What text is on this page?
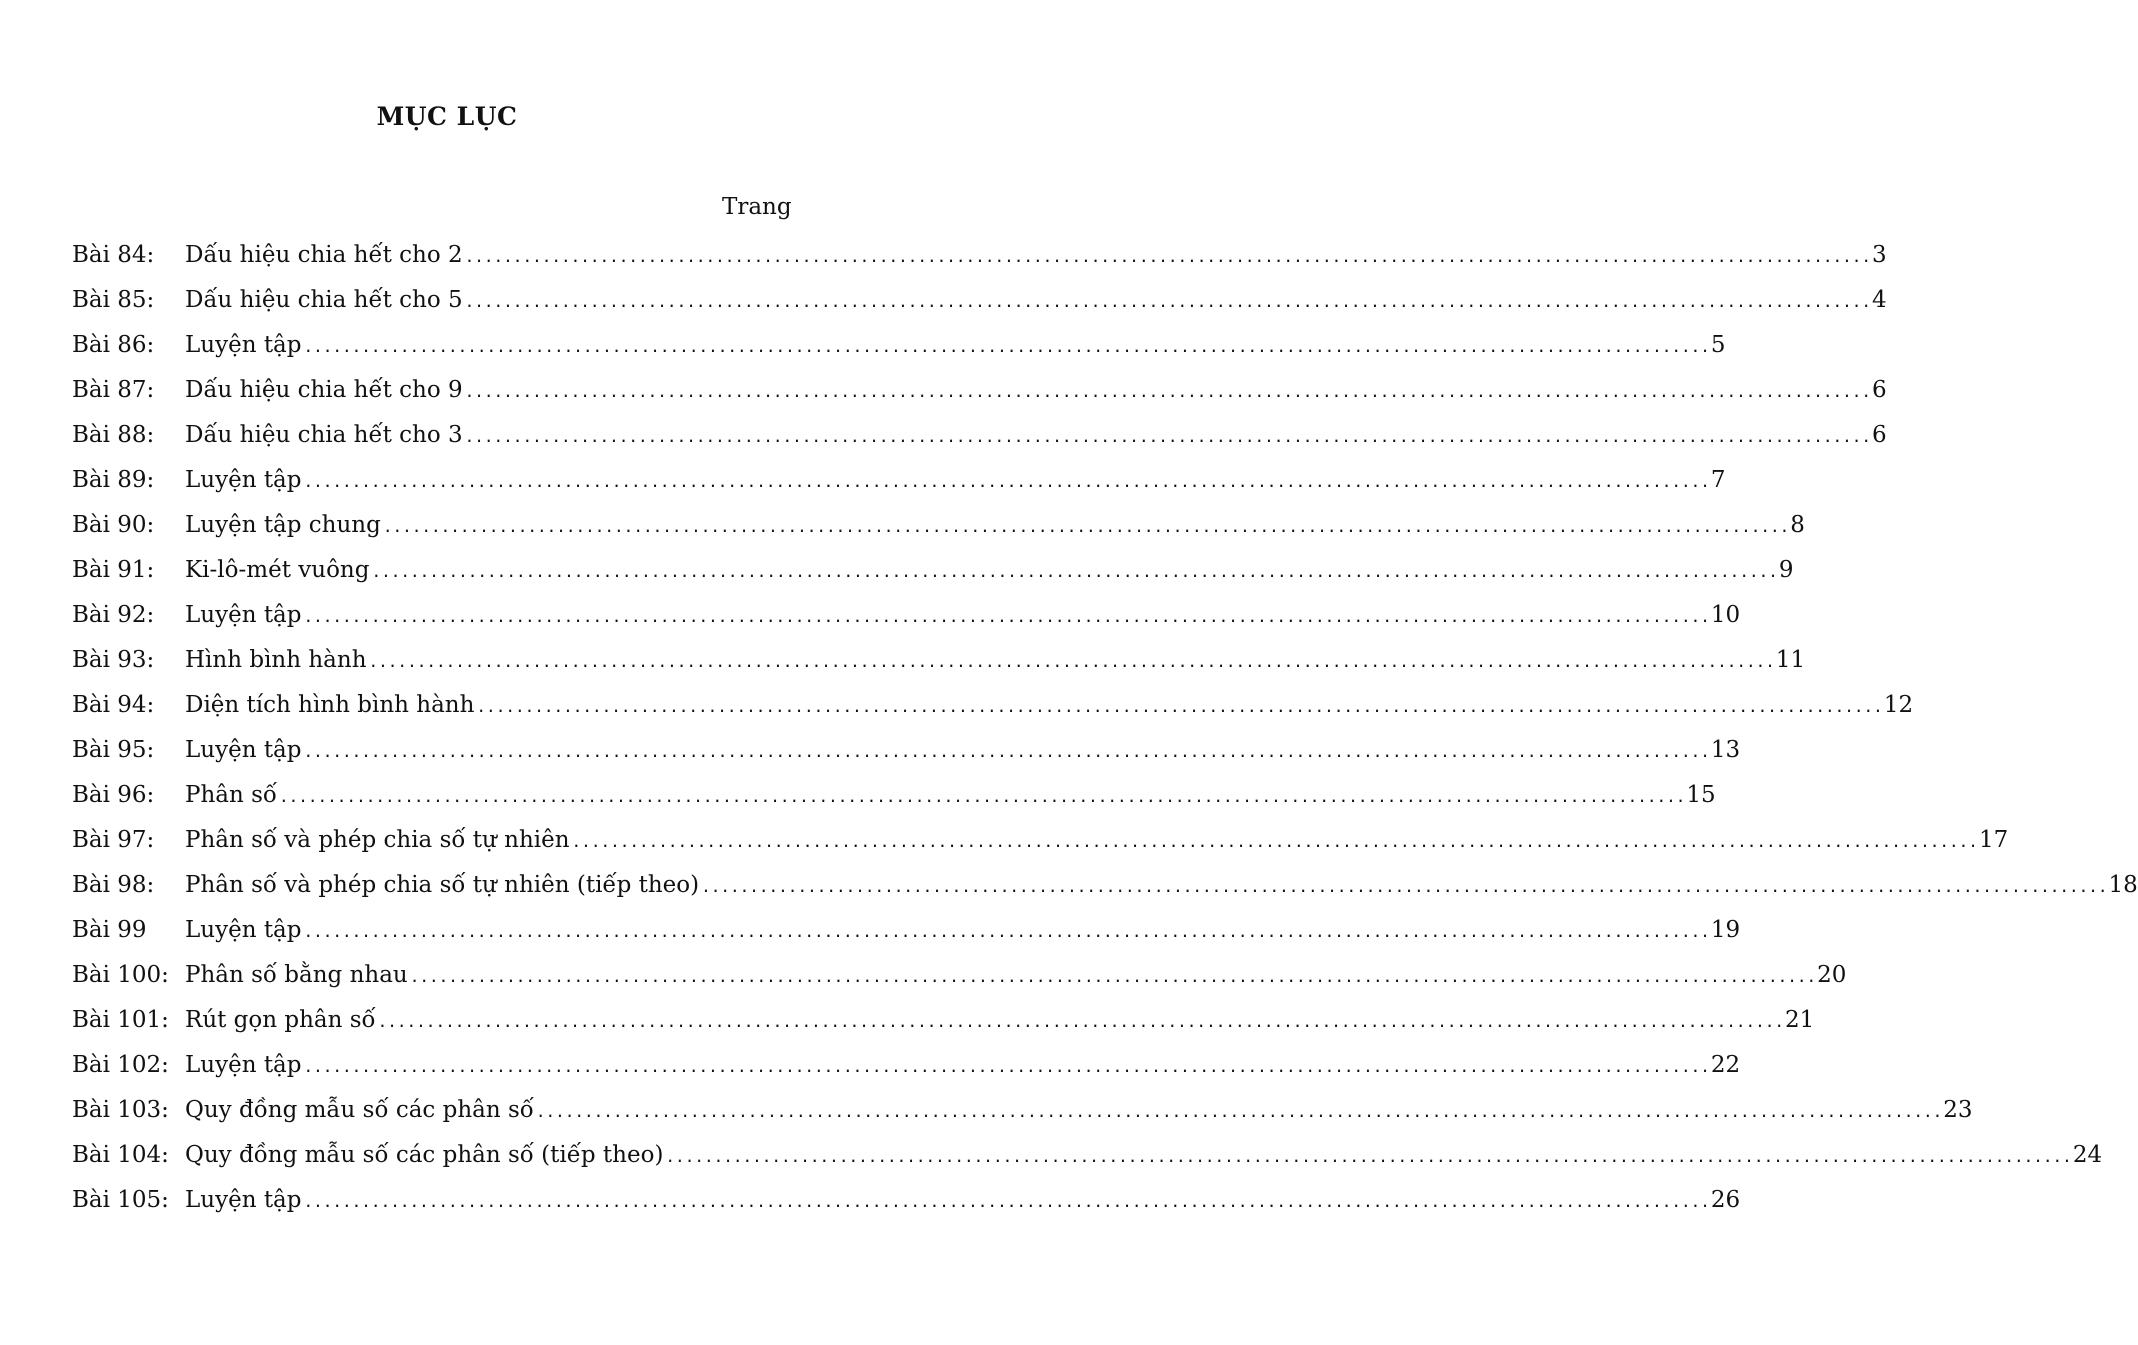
MỤC LỤC
Trang
Bài 84:	Dấu hiệu chia hết cho 2 .................................................................................................................................................. 3
Bài 85:	Dấu hiệu chia hết cho 5 .................................................................................................................................................. 4
Bài 86:	Luyện tập .................................................................................................................................................. 5
Bài 87:	Dấu hiệu chia hết cho 9 .................................................................................................................................................. 6
Bài 88:	Dấu hiệu chia hết cho 3 .................................................................................................................................................. 6
Bài 89:	Luyện tập .................................................................................................................................................. 7
Bài 90:	Luyện tập chung .................................................................................................................................................. 8
Bài 91:	Ki-lô-mét vuông .................................................................................................................................................. 9
Bài 92:	Luyện tập .................................................................................................................................................. 10
Bài 93:	Hình bình hành .................................................................................................................................................. 11
Bài 94:	Diện tích hình bình hành .................................................................................................................................................. 12
Bài 95:	Luyện tập .................................................................................................................................................. 13
Bài 96:	Phân số .................................................................................................................................................. 15
Bài 97:	Phân số và phép chia số tự nhiên .................................................................................................................................................. 17
Bài 98:	Phân số và phép chia số tự nhiên (tiếp theo) .................................................................................................................................................. 18
Bài 99	Luyện tập .................................................................................................................................................. 19
Bài 100: Phân số bằng nhau .................................................................................................................................................. 20
Bài 101: Rút gọn phân số .................................................................................................................................................. 21
Bài 102: Luyện tập .................................................................................................................................................. 22
Bài 103: Quy đồng mẫu số các phân số .................................................................................................................................................. 23
Bài 104: Quy đồng mẫu số các phân số (tiếp theo) .................................................................................................................................................. 24
Bài 105: Luyện tập .................................................................................................................................................. 26
